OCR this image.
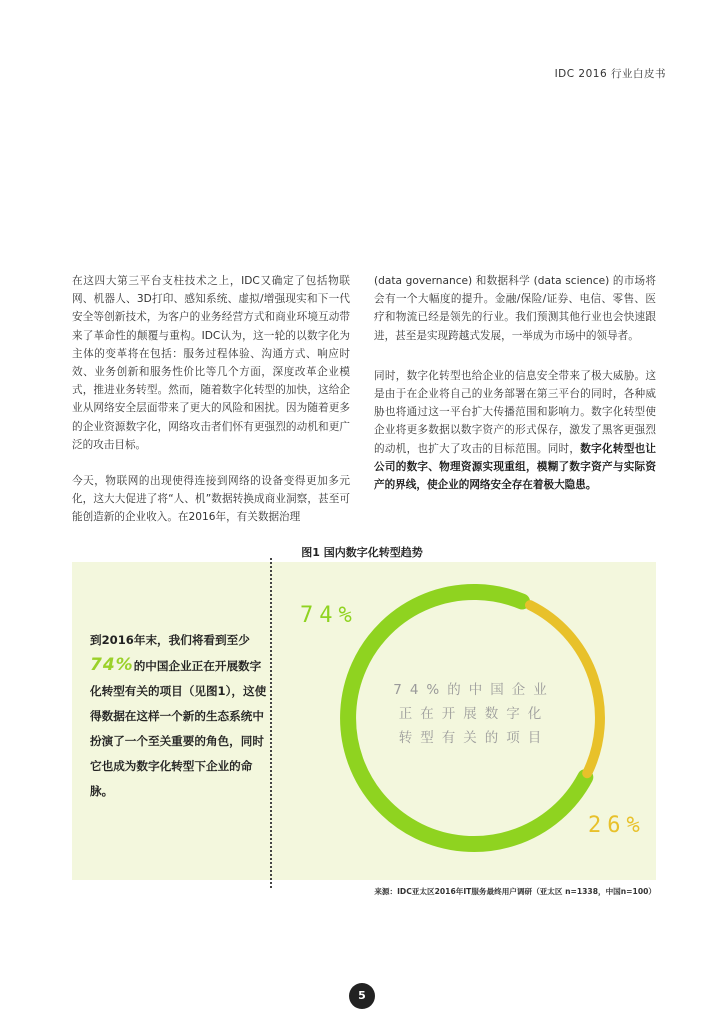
IDC 2016 行业白皮书

在这四大第三平台支柱技术之上，IDC又确定了包括物联网、机器人、3D打印、感知系统、虚拟/增强现实和下一代安全等创新技术，为客户的业务经营方式和商业环境互动带来了革命性的颠覆与重构。IDC认为，这一轮的以数字化为主体的变革将在包括：服务过程体验、沟通方式、响应时效、业务创新和服务性价比等几个方面，深度改革企业模式，推进业务转型。然而，随着数字化转型的加快，这给企业从网络安全层面带来了更大的风险和困扰。因为随着更多的企业资源数字化，网络攻击者们怀有更强烈的动机和更广泛的攻击目标。

今天，物联网的出现使得连接到网络的设备变得更加多元化，这大大促进了将“人、机”数据转换成商业洞察，甚至可能创造新的企业收入。在2016年，有关数据治理

(data governance) 和数据科学 (data science) 的市场将会有一个大幅度的提升。金融/保险/证券、电信、零售、医疗和物流已经是领先的行业。我们预测其他行业也会快速跟进，甚至是实现跨越式发展，一举成为市场中的领导者。

同时，数字化转型也给企业的信息安全带来了极大威胁。这是由于在企业将自己的业务部署在第三平台的同时，各种威胁也将通过这一平台扩大传播范围和影响力。数字化转型使企业将更多数据以数字资产的形式保存，激发了黑客更强烈的动机，也扩大了攻击的目标范围。同时，数字化转型也让公司的数字、物理资源实现重组，模糊了数字资产与实际资产的界线，使企业的网络安全存在着极大隐患。

图1 国内数字化转型趋势
到2016年末，我们将看到至少74%的中国企业正在开展数字化转型有关的项目（见图1），这使得数据在这样一个新的生态系统中扮演了一个至关重要的角色，同时它也成为数字化转型下企业的命脉。
74%
26%
74%的中国企业
正在开展数字化
转型有关的项目
来源：IDC亚太区2016年IT服务最终用户调研（亚太区 n=1338，中国n=100）
5
